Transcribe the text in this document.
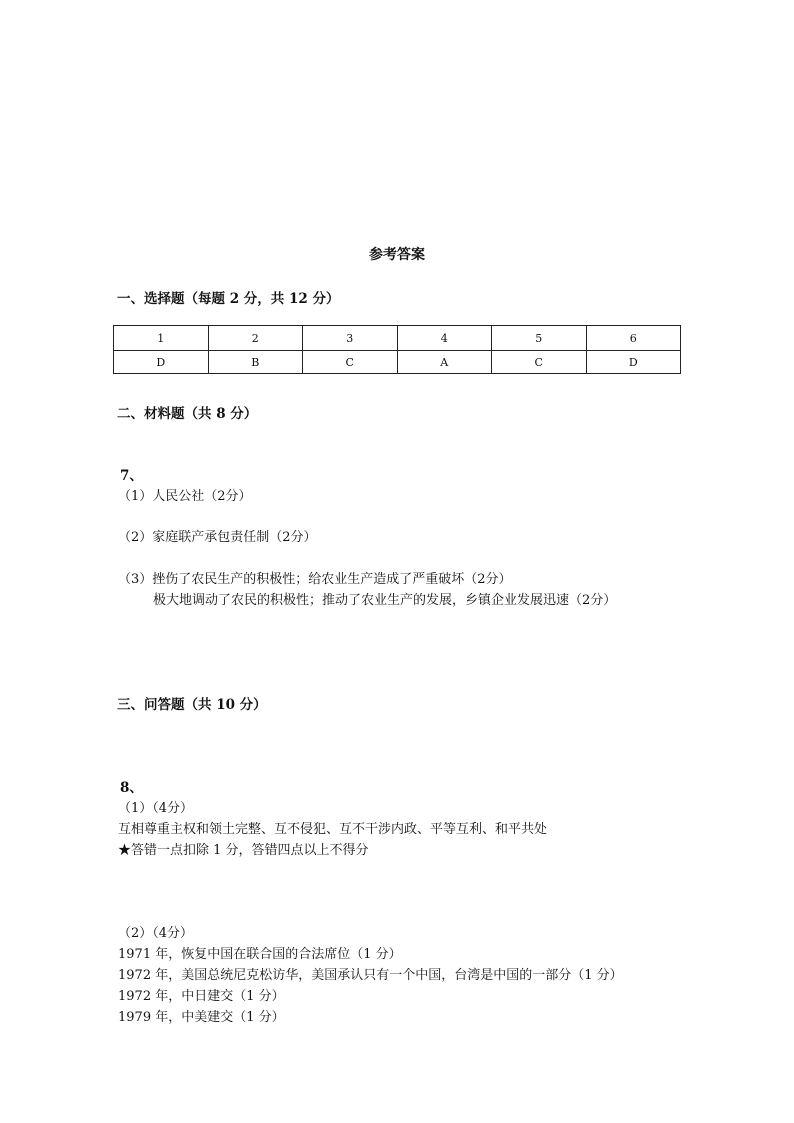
参考答案
一、选择题（每题 2 分，共 12 分）
1	2	3	4	5	6
D	B	C	A	C	D
二、材料题（共 8 分）
7、
（1）人民公社（2分）
（2）家庭联产承包责任制（2分）
（3）挫伤了农民生产的积极性；给农业生产造成了严重破坏（2分）
极大地调动了农民的积极性；推动了农业生产的发展，乡镇企业发展迅速（2分）
三、问答题（共 10 分）
8、
（1）（4分）
互相尊重主权和领土完整、互不侵犯、互不干涉内政、平等互利、和平共处
★答错一点扣除 1 分，答错四点以上不得分
（2）（4分）
1971 年，恢复中国在联合国的合法席位（1 分）
1972 年，美国总统尼克松访华，美国承认只有一个中国，台湾是中国的一部分（1 分）
1972 年，中日建交（1 分）
1979 年，中美建交（1 分）
